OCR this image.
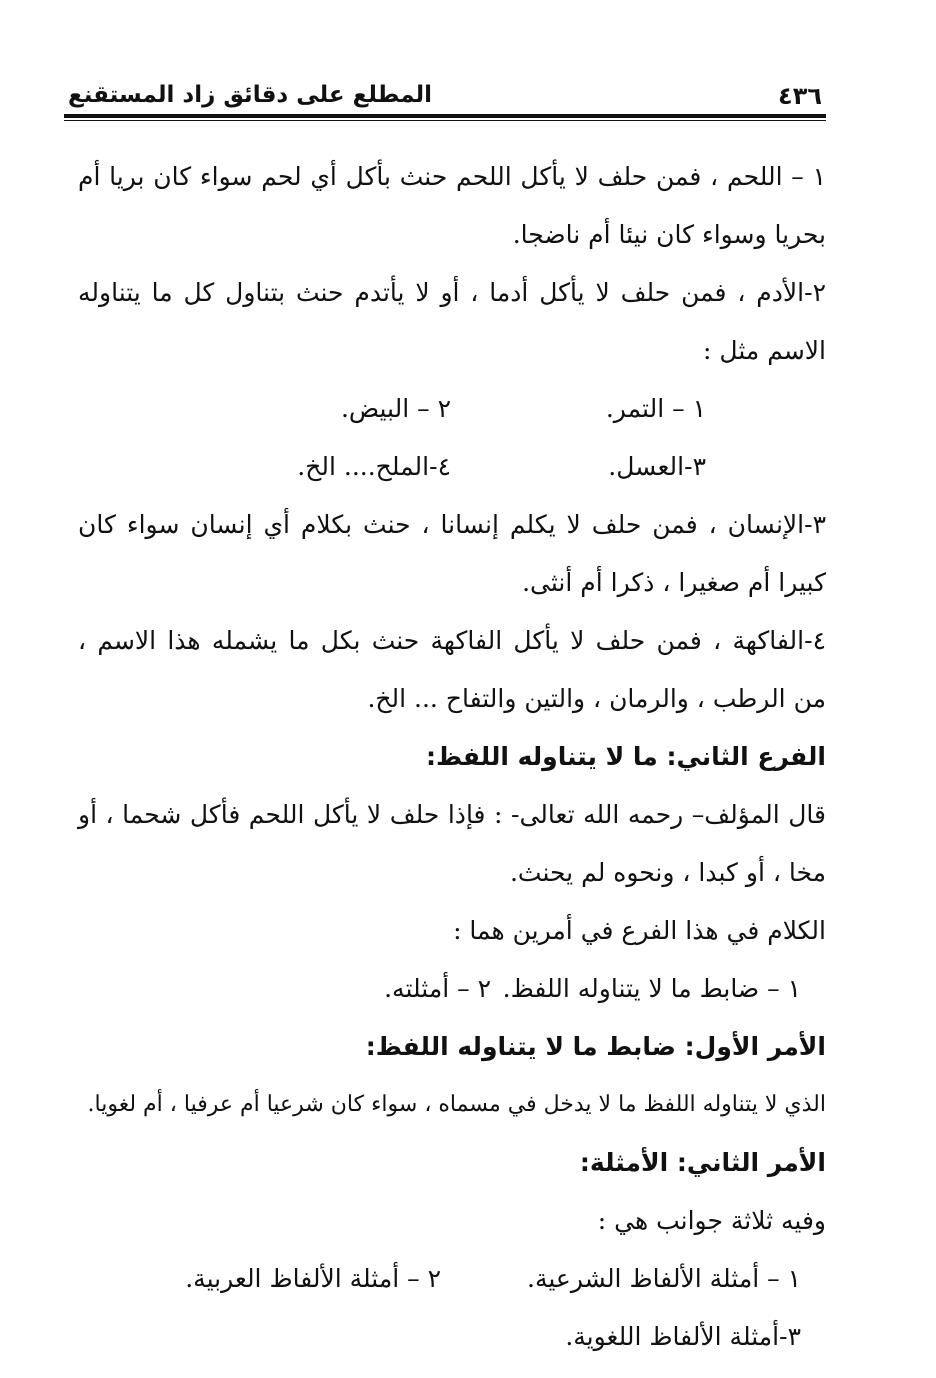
٤٣٦
المطلع على دقائق زاد المستقنع
١ – اللحم ، فمن حلف لا يأكل اللحم حنث بأكل أي لحم سواء كان بريا أم
بحريا وسواء كان نيئا أم ناضجا.
٢-الأدم ، فمن حلف لا يأكل أدما ، أو لا يأتدم حنث بتناول كل ما يتناوله
الاسم مثل :
١ – التمر.
٢ – البيض.
٣-العسل.
٤-الملح.... الخ.
٣-الإنسان ، فمن حلف لا يكلم إنسانا ، حنث بكلام أي إنسان سواء كان
كبيرا أم صغيرا ، ذكرا أم أنثى.
٤-الفاكهة ، فمن حلف لا يأكل الفاكهة حنث بكل ما يشمله هذا الاسم ،
من الرطب ، والرمان ، والتين والتفاح ... الخ.
الفرع الثاني: ما لا يتناوله اللفظ:
قال المؤلف– رحمه الله تعالى- : فإذا حلف لا يأكل اللحم فأكل شحما ، أو
مخا ، أو كبدا ، ونحوه لم يحنث.
الكلام في هذا الفرع في أمرين هما :
١ – ضابط ما لا يتناوله اللفظ.
٢ – أمثلته.
الأمر الأول: ضابط ما لا يتناوله اللفظ:
الذي لا يتناوله اللفظ ما لا يدخل في مسماه ، سواء كان شرعيا أم عرفيا ، أم لغويا.
الأمر الثاني: الأمثلة:
وفيه ثلاثة جوانب هي :
١ – أمثلة الألفاظ الشرعية.
٢ – أمثلة الألفاظ العربية.
٣-أمثلة الألفاظ اللغوية.
